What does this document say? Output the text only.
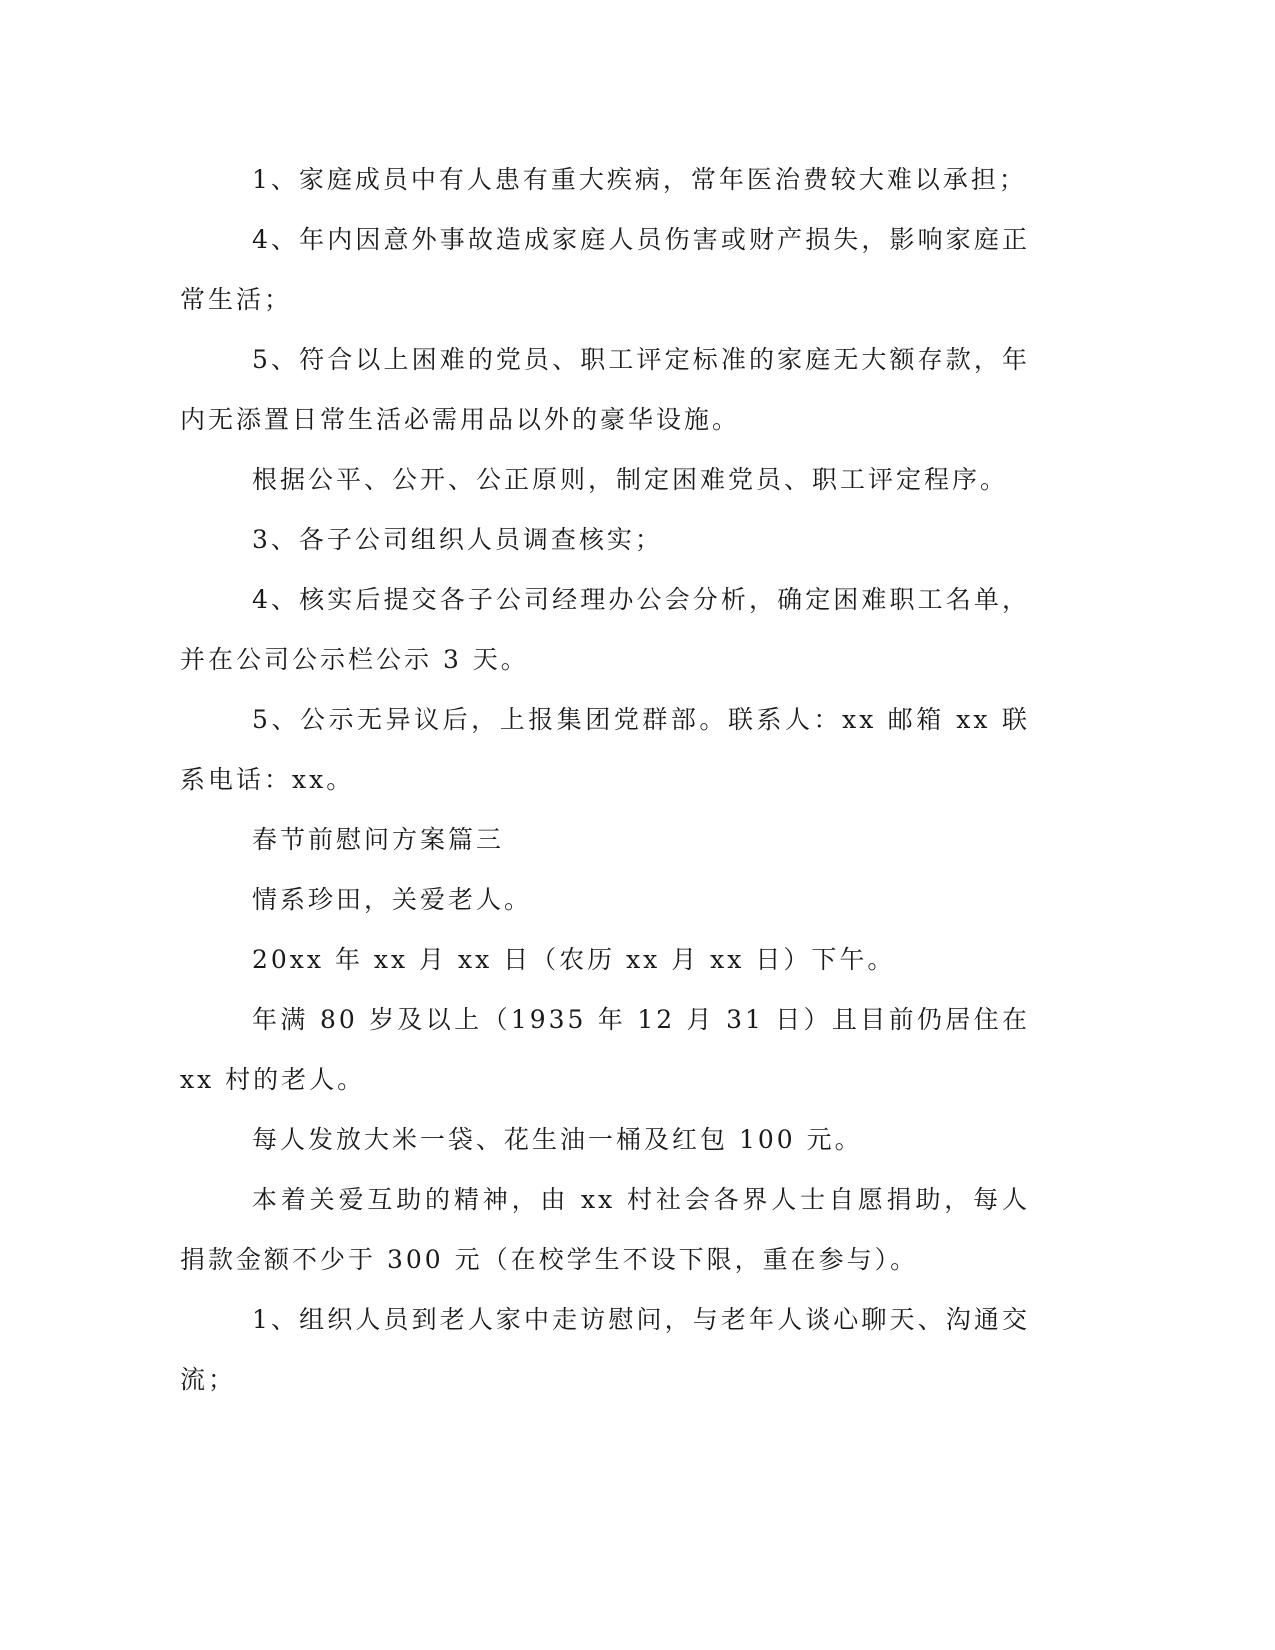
1、家庭成员中有人患有重大疾病，常年医治费较大难以承担；

4、年内因意外事故造成家庭人员伤害或财产损失，影响家庭正常生活；

5、符合以上困难的党员、职工评定标准的家庭无大额存款，年内无添置日常生活必需用品以外的豪华设施。

根据公平、公开、公正原则，制定困难党员、职工评定程序。

3、各子公司组织人员调查核实；

4、核实后提交各子公司经理办公会分析，确定困难职工名单，并在公司公示栏公示 3 天。

5、公示无异议后，上报集团党群部。联系人：xx 邮箱 xx 联系电话：xx。

春节前慰问方案篇三

情系珍田，关爱老人。

20xx 年 xx 月 xx 日（农历 xx 月 xx 日）下午。

年满 80 岁及以上（1935 年 12 月 31 日）且目前仍居住在 xx 村的老人。

每人发放大米一袋、花生油一桶及红包 100 元。

本着关爱互助的精神，由 xx 村社会各界人士自愿捐助，每人捐款金额不少于 300 元（在校学生不设下限，重在参与）。

1、组织人员到老人家中走访慰问，与老年人谈心聊天、沟通交流；
